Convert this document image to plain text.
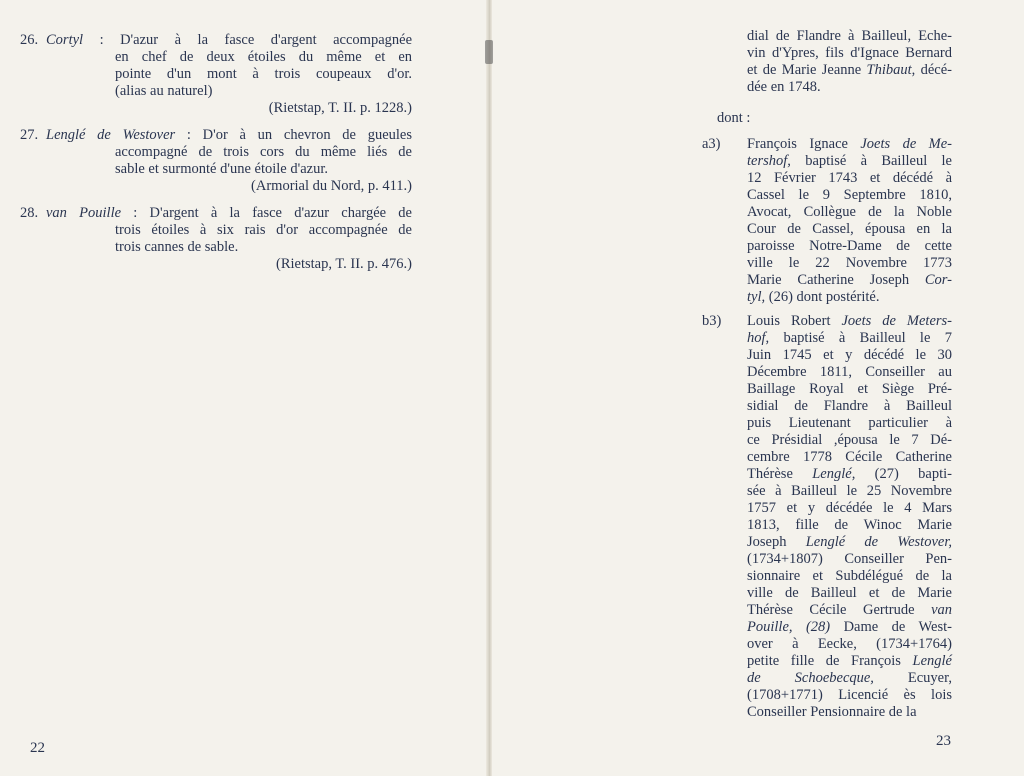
26. Cortyl : D'azur à la fasce d'argent accompagnée
en chef de deux étoiles du même et en
pointe d'un mont à trois coupeaux d'or.
(alias au naturel)
(Rietstap, T. II. p. 1228.)
27. Lenglé de Westover : D'or à un chevron de gueules
accompagné de trois cors du même liés de
sable et surmonté d'une étoile d'azur.
(Armorial du Nord, p. 411.)
28. van Pouille : D'argent à la fasce d'azur chargée de
trois étoiles à six rais d'or accompagnée de
trois cannes de sable.
(Rietstap, T. II. p. 476.)
22
dial de Flandre à Bailleul, Eche-
vin d'Ypres, fils d'Ignace Bernard
et de Marie Jeanne Thibaut, décé-
dée en 1748.
dont :
a3) François Ignace Joets de Me-
tershof, baptisé à Bailleul le
12 Février 1743 et décédé à
Cassel le 9 Septembre 1810,
Avocat, Collègue de la Noble
Cour de Cassel, épousa en la
paroisse Notre-Dame de cette
ville le 22 Novembre 1773
Marie Catherine Joseph Cor-
tyl, (26) dont postérité.
b3) Louis Robert Joets de Meters-
hof, baptisé à Bailleul le 7
Juin 1745 et y décédé le 30
Décembre 1811, Conseiller au
Baillage Royal et Siège Pré-
sidial de Flandre à Bailleul
puis Lieutenant particulier à
ce Présidial ,épousa le 7 Dé-
cembre 1778 Cécile Catherine
Thérèse Lenglé, (27) bapti-
sée à Bailleul le 25 Novembre
1757 et y décédée le 4 Mars
1813, fille de Winoc Marie
Joseph Lenglé de Westover,
(1734+1807) Conseiller Pen-
sionnaire et Subdélégué de la
ville de Bailleul et de Marie
Thérèse Cécile Gertrude van
Pouille, (28) Dame de West-
over à Eecke, (1734+1764)
petite fille de François Lenglé
de Schoebecque, Ecuyer,
(1708+1771) Licencié ès lois
Conseiller Pensionnaire de la
23
